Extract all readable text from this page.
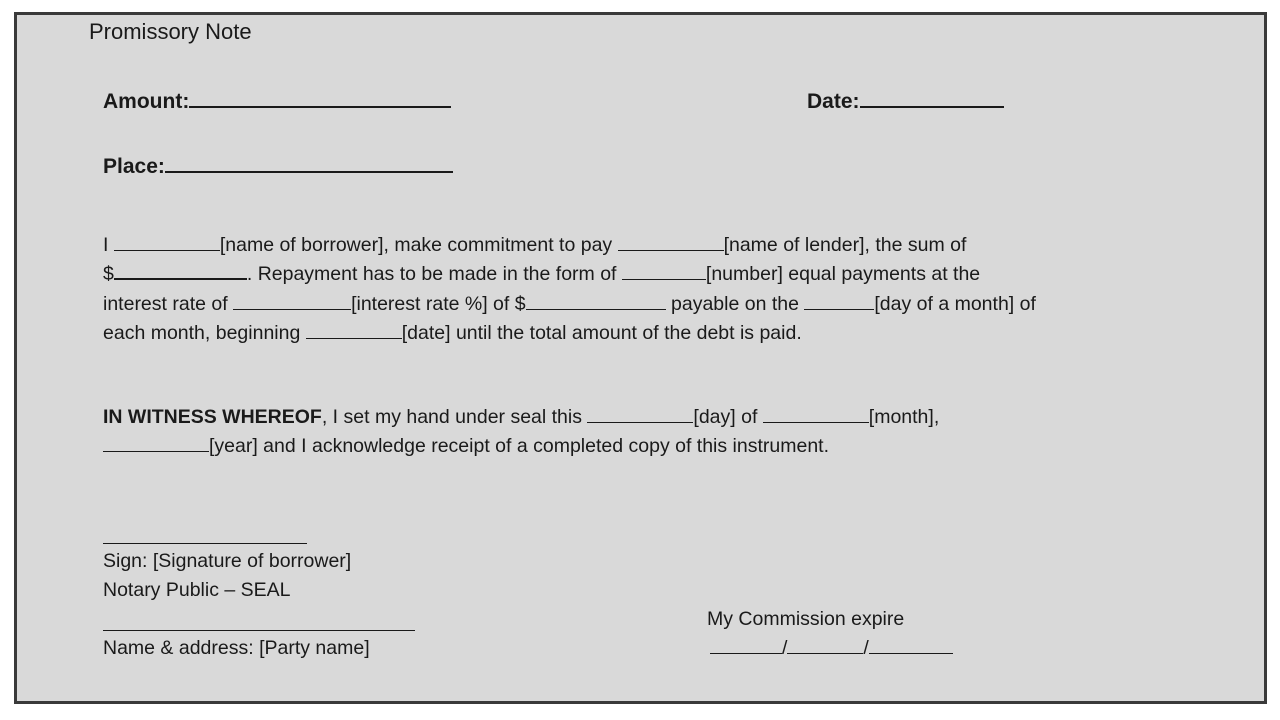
Promissory Note
Amount:	Date:
Place:
I	[name of borrower], make commitment to pay	[name of lender], the sum of
$	. Repayment has to be made in the form of	[number] equal payments at the
interest rate of	[interest rate %] of $	payable on the	[day of a month] of
each month, beginning	[date] until the total amount of the debt is paid.
IN WITNESS WHEREOF, I set my hand under seal this	[day] of	[month],
[year] and I acknowledge receipt of a completed copy of this instrument.
Sign: [Signature of borrower]
Notary Public – SEAL
Name & address: [Party name]
My Commission expire
/	/
